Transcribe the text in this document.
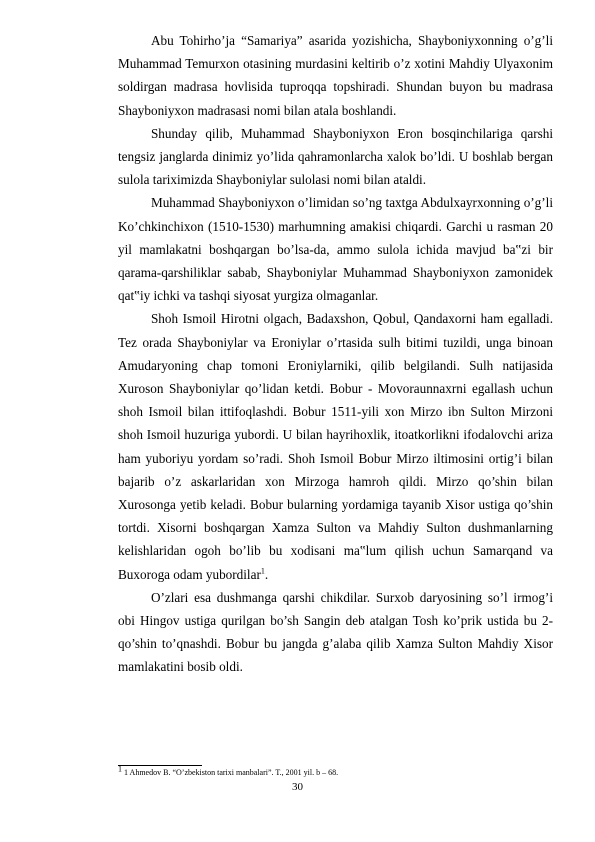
   Abu Tohirho’ja “Samariya” asarida yozishicha, Shayboniyxonning o’g’li Muhammad Temurxon otasining murdasini keltirib o’z xotini Mahdiy Ulyaxonim soldirgan madrasa hovlisida tuproqqa topshiradi. Shundan buyon bu madrasa Shayboniyxon madrasasi nomi bilan atala boshlandi.

   Shunday qilib, Muhammad Shayboniyxon Eron bosqinchilariga qarshi tengsiz janglarda dinimiz yo’lida qahramonlarcha xalok bo’ldi. U boshlab bergan sulola tariximizda Shayboniylar sulolasi nomi bilan ataldi.

   Muhammad Shayboniyxon o’limidan so’ng taxtga Abdulxayrxonning o’g’li Ko’chkinchixon (1510-1530) marhumning amakisi chiqardi. Garchi u rasman 20 yil mamlakatni boshqargan bo’lsa-da, ammo sulola ichida mavjud ba‟zi bir qarama-qarshiliklar sabab, Shayboniylar Muhammad Shayboniyxon zamonidek qat‟iy ichki va tashqi siyosat yurgiza olmaganlar.

   Shoh Ismoil Hirotni olgach, Badaxshon, Qobul, Qandaxorni ham egalladi. Tez orada Shayboniylar va Eroniylar o’rtasida sulh bitimi tuzildi, unga binoan Amudaryoning chap tomoni Eroniylarniki, qilib belgilandi. Sulh natijasida Xuroson Shayboniylar qo’lidan ketdi. Bobur - Movoraunnaxrni egallash uchun shoh Ismoil bilan ittifoqlashdi. Bobur 1511-yili xon Mirzo ibn Sulton Mirzoni shoh Ismoil huzuriga yubordi. U bilan hayrihoxlik, itoatkorlikni ifodalovchi ariza ham yuboriyu yordam so’radi. Shoh Ismoil Bobur Mirzo iltimosini ortig’i bilan bajarib o’z askarlaridan xon Mirzoga hamroh qildi. Mirzo qo’shin bilan Xurosonga yetib keladi. Bobur bularning yordamiga tayanib Xisor ustiga qo’shin tortdi. Xisorni boshqargan Xamza Sulton va Mahdiy Sulton dushmanlarning kelishlaridan ogoh bo’lib bu xodisani ma‟lum qilish uchun Samarqand va Buxoroga odam yubordilar$^1$.

   O’zlari esa dushmanga qarshi chikdilar. Surxob daryosining so’l irmog’i obi Hingov ustiga qurilgan bo’sh Sangin deb atalgan Tosh ko’prik ustida bu 2-qo’shin to’qnashdi. Bobur bu jangda g’alaba qilib Xamza Sulton Mahdiy Xisor mamlakatini bosib oldi.

$^1$ 1 Ahmedov B. “O’zbekiston tarixi manbalari”. T., 2001 yil. b – 68.
30
